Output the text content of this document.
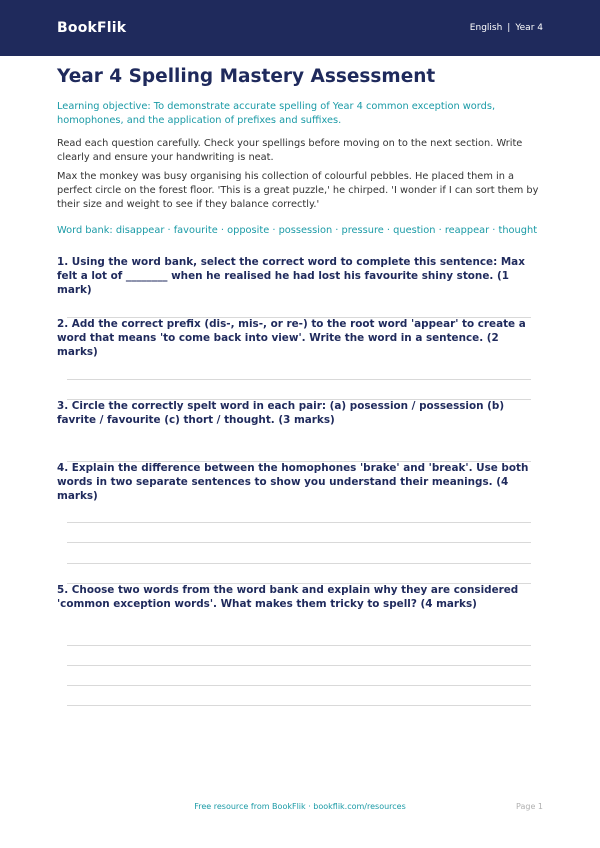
BookFlik	English | Year 4
Year 4 Spelling Mastery Assessment

Learning objective: To demonstrate accurate spelling of Year 4 common exception words, homophones, and the application of prefixes and suffixes.

Read each question carefully. Check your spellings before moving on to the next section. Write clearly and ensure your handwriting is neat.

Max the monkey was busy organising his collection of colourful pebbles. He placed them in a perfect circle on the forest floor. 'This is a great puzzle,' he chirped. 'I wonder if I can sort them by their size and weight to see if they balance correctly.'

Word bank: disappear · favourite · opposite · possession · pressure · question · reappear · thought

1. Using the word bank, select the correct word to complete this sentence: Max felt a lot of ________ when he realised he had lost his favourite shiny stone. (1 mark)

2. Add the correct prefix (dis-, mis-, or re-) to the root word 'appear' to create a word that means 'to come back into view'. Write the word in a sentence. (2 marks)

3. Circle the correctly spelt word in each pair: (a) posession / possession (b) favrite / favourite (c) thort / thought. (3 marks)

4. Explain the difference between the homophones 'brake' and 'break'. Use both words in two separate sentences to show you understand their meanings. (4 marks)

5. Choose two words from the word bank and explain why they are considered 'common exception words'. What makes them tricky to spell? (4 marks)

Free resource from BookFlik · bookflik.com/resources	Page 1
